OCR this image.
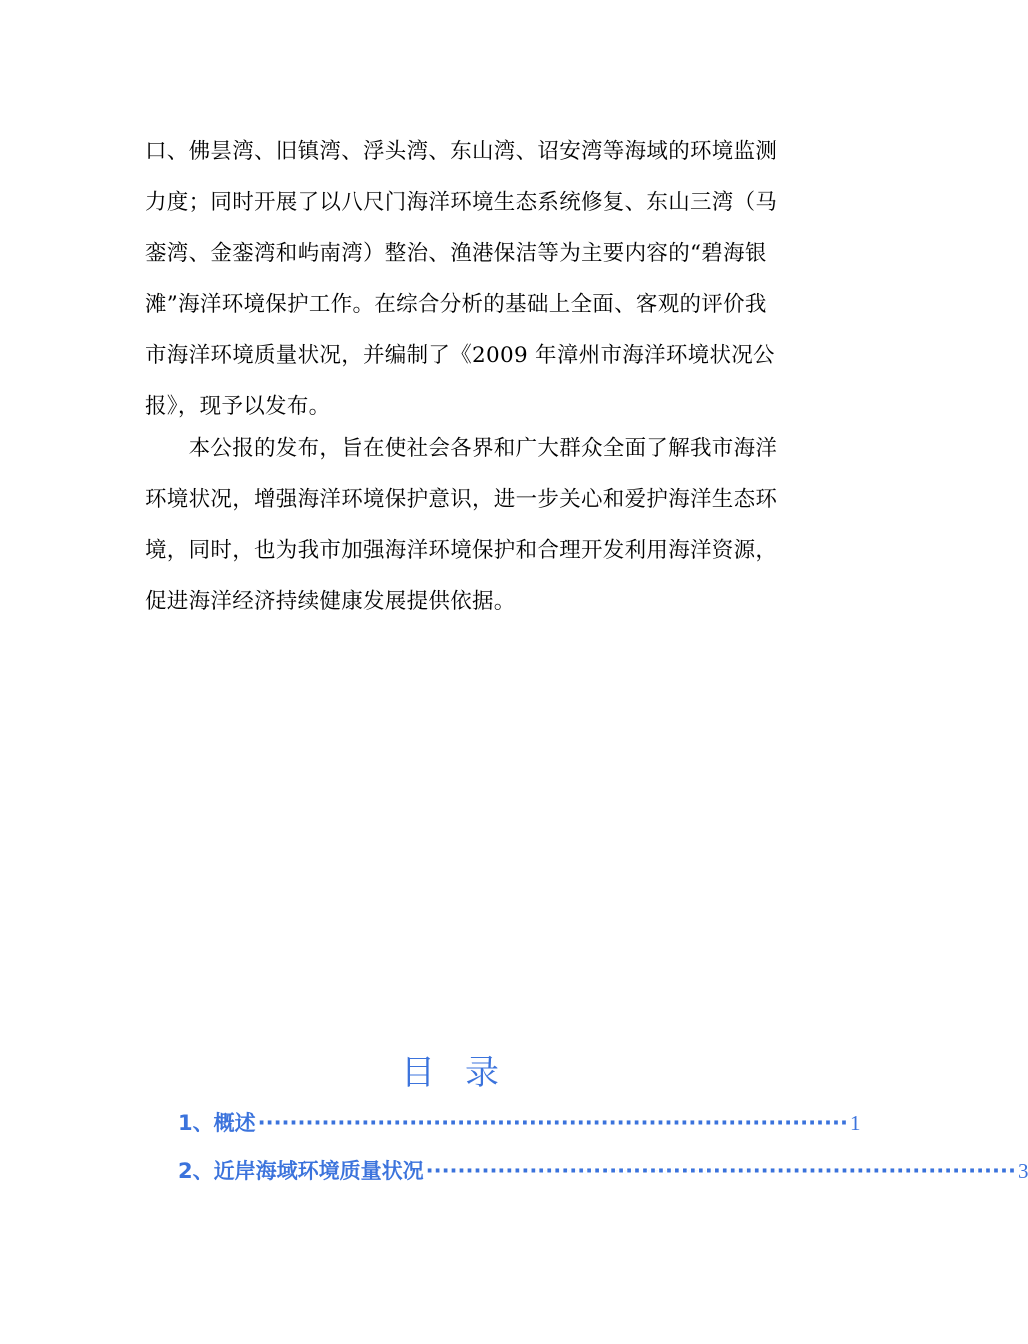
口、佛昙湾、旧镇湾、浮头湾、东山湾、诏安湾等海域的环境监测
力度；同时开展了以八尺门海洋环境生态系统修复、东山三湾（马
銮湾、金銮湾和屿南湾）整治、渔港保洁等为主要内容的“碧海银
滩”海洋环境保护工作。在综合分析的基础上全面、客观的评价我
市海洋环境质量状况，并编制了《2009 年漳州市海洋环境状况公
报》，现予以发布。
　　本公报的发布，旨在使社会各界和广大群众全面了解我市海洋
环境状况，增强海洋环境保护意识，进一步关心和爱护海洋生态环
境，同时，也为我市加强海洋环境保护和合理开发利用海洋资源，
促进海洋经济持续健康发展提供依据。
目录
1、概述 ·········································································· 1
2、近岸海域环境质量状况 ·········································································· 3
